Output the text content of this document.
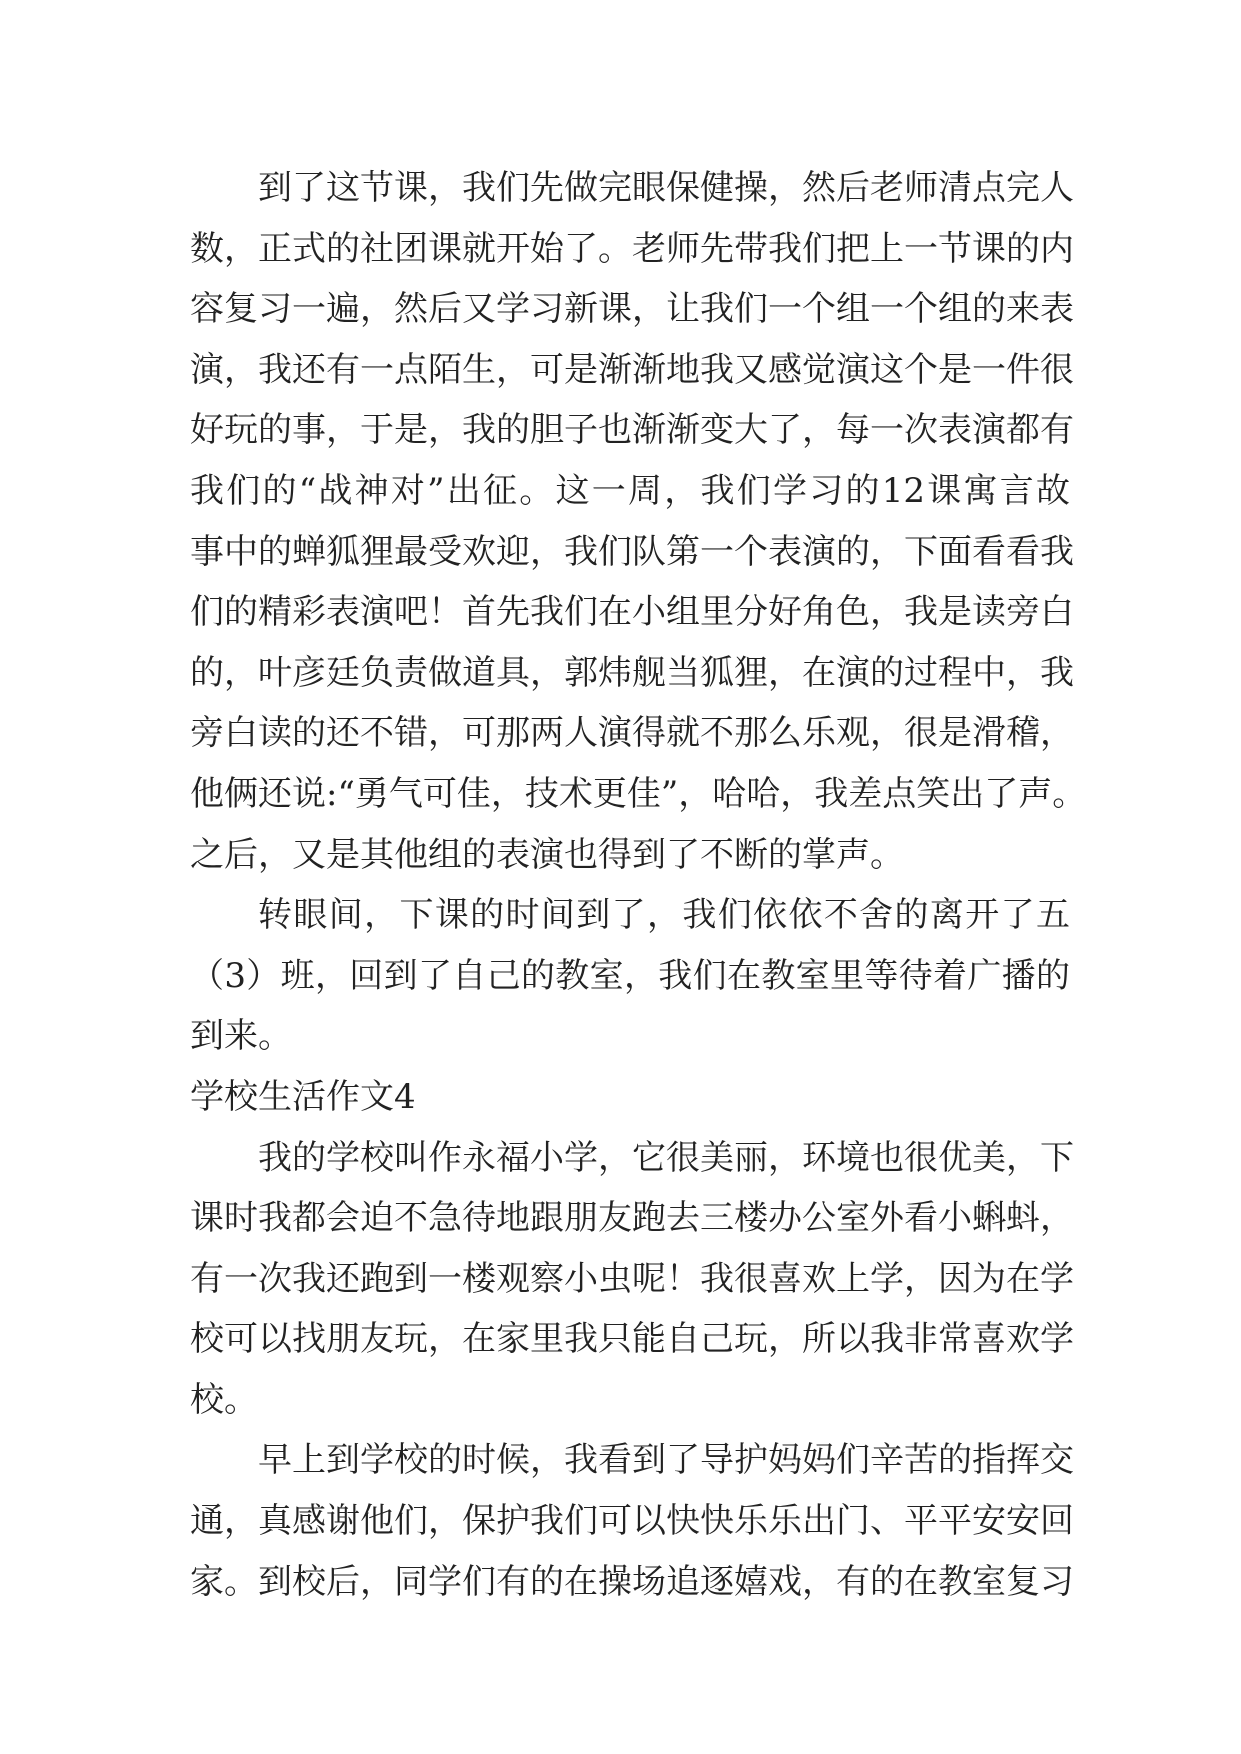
到了这节课，我们先做完眼保健操，然后老师清点完人
数，正式的社团课就开始了。老师先带我们把上一节课的内
容复习一遍，然后又学习新课，让我们一个组一个组的来表
演，我还有一点陌生，可是渐渐地我又感觉演这个是一件很
好玩的事，于是，我的胆子也渐渐变大了，每一次表演都有
我们的“战神对”出征。这一周，我们学习的12课寓言故
事中的蝉狐狸最受欢迎，我们队第一个表演的，下面看看我
们的精彩表演吧！首先我们在小组里分好角色，我是读旁白
的，叶彦廷负责做道具，郭炜舰当狐狸，在演的过程中，我
旁白读的还不错，可那两人演得就不那么乐观，很是滑稽，
他俩还说:“勇气可佳，技术更佳”，哈哈，我差点笑出了声。
之后，又是其他组的表演也得到了不断的掌声。
转眼间，下课的时间到了，我们依依不舍的离开了五
（3）班，回到了自己的教室，我们在教室里等待着广播的
到来。
学校生活作文4
我的学校叫作永福小学，它很美丽，环境也很优美，下
课时我都会迫不急待地跟朋友跑去三楼办公室外看小蝌蚪，
有一次我还跑到一楼观察小虫呢！我很喜欢上学，因为在学
校可以找朋友玩，在家里我只能自己玩，所以我非常喜欢学
校。
早上到学校的时候，我看到了导护妈妈们辛苦的指挥交
通，真感谢他们，保护我们可以快快乐乐出门、平平安安回
家。到校后，同学们有的在操场追逐嬉戏，有的在教室复习
